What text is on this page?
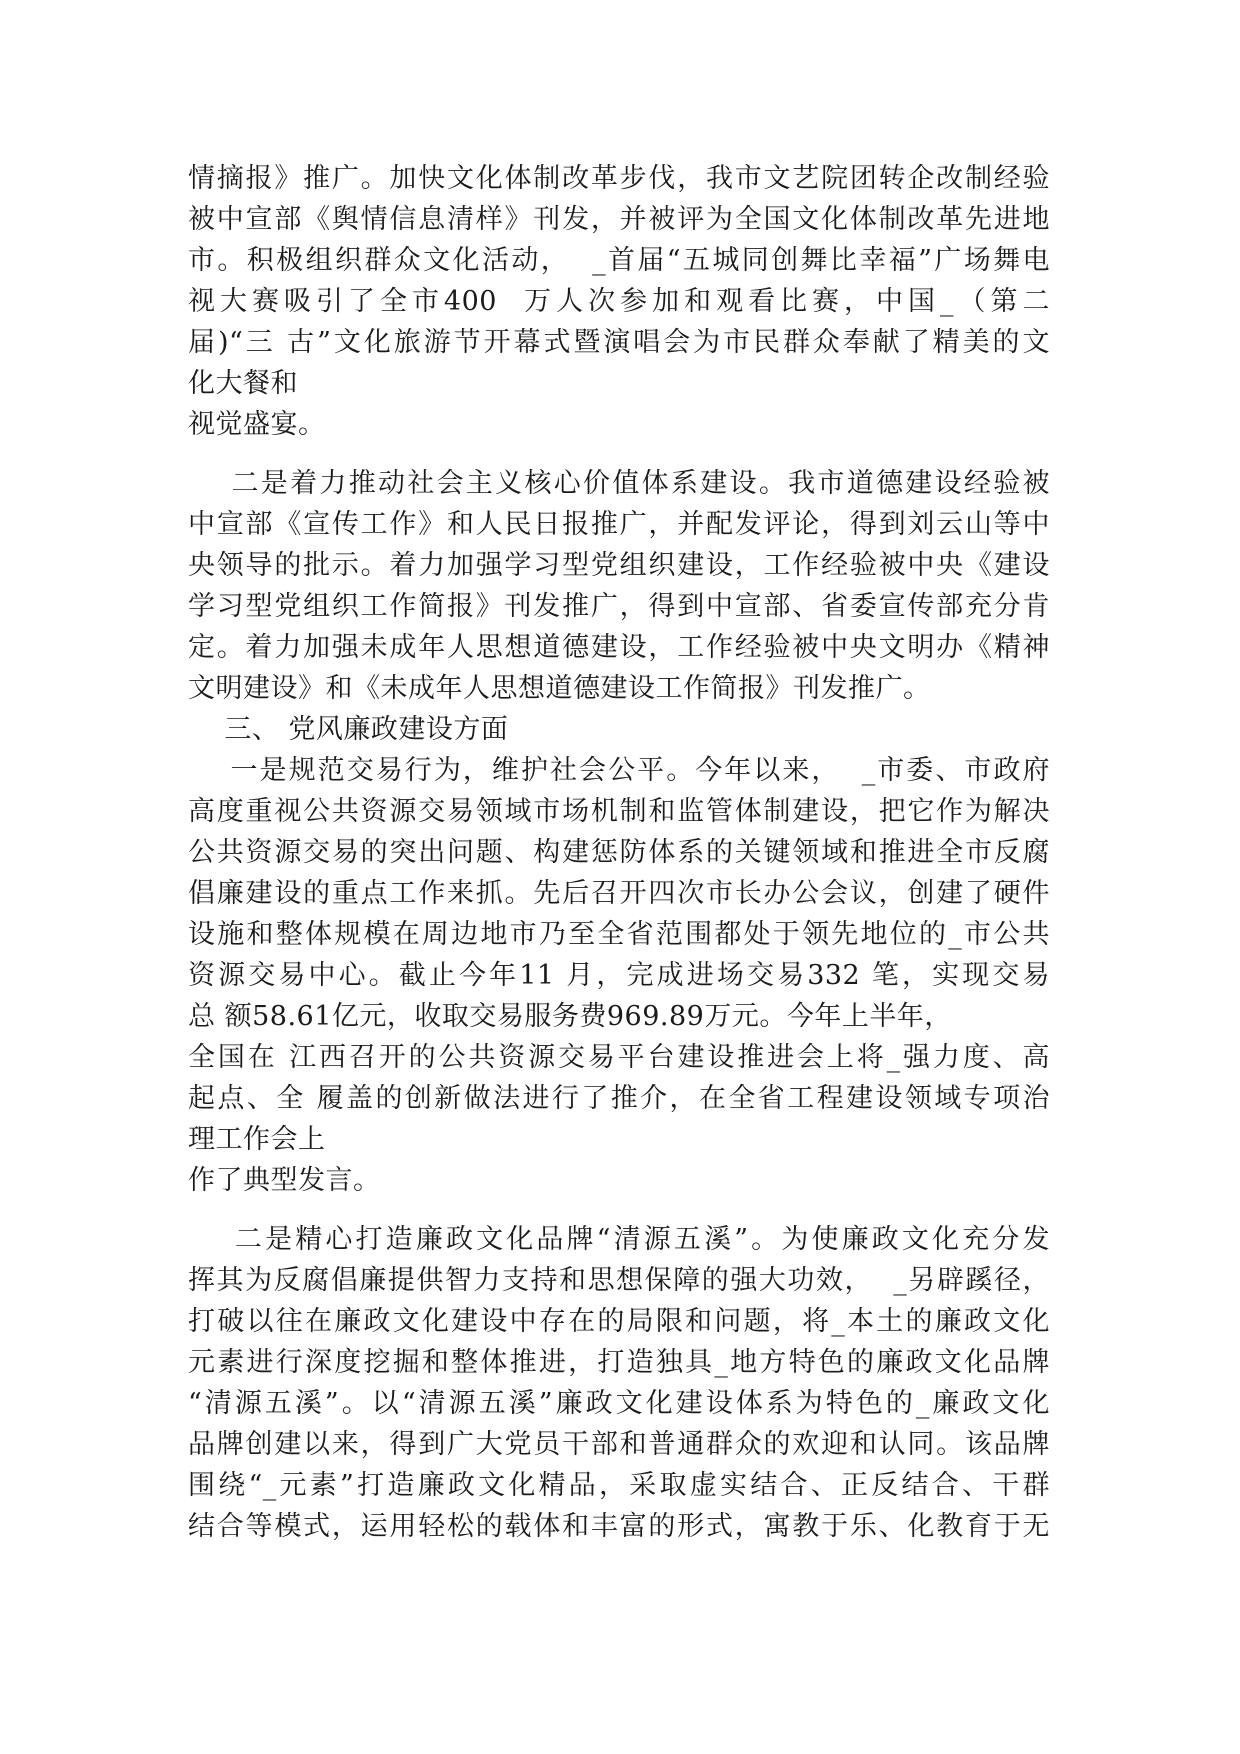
情摘报》推广。加快文化体制改革步伐，我市文艺院团转企改制经验
被中宣部《舆情信息清样》刊发，并被评为全国文化体制改革先进地
市。积极组织群众文化活动，  _首届“五城同创舞比幸福”广场舞电
视大赛吸引了全市400  万人次参加和观看比赛，中国_（第二
届)“三 古”文化旅游节开幕式暨演唱会为市民群众奉献了精美的文
化大餐和
视觉盛宴。
二是着力推动社会主义核心价值体系建设。我市道德建设经验被
中宣部《宣传工作》和人民日报推广，并配发评论，得到刘云山等中
央领导的批示。着力加强学习型党组织建设，工作经验被中央《建设
学习型党组织工作简报》刊发推广，得到中宣部、省委宣传部充分肯
定。着力加强未成年人思想道德建设，工作经验被中央文明办《精神
文明建设》和《未成年人思想道德建设工作简报》刊发推广。
三、 党风廉政建设方面
一是规范交易行为，维护社会公平。今年以来，  _市委、市政府
高度重视公共资源交易领域市场机制和监管体制建设，把它作为解决
公共资源交易的突出问题、构建惩防体系的关键领域和推进全市反腐
倡廉建设的重点工作来抓。先后召开四次市长办公会议，创建了硬件
设施和整体规模在周边地市乃至全省范围都处于领先地位的_市公共
资源交易中心。截止今年11 月，完成进场交易332 笔，实现交易
总 额58.61亿元，收取交易服务费969.89万元。今年上半年，
全国在 江西召开的公共资源交易平台建设推进会上将_强力度、高
起点、全 履盖的创新做法进行了推介，在全省工程建设领域专项治
理工作会上
作了典型发言。
二是精心打造廉政文化品牌“清源五溪”。为使廉政文化充分发
挥其为反腐倡廉提供智力支持和思想保障的强大功效，  _另辟蹊径，
打破以往在廉政文化建设中存在的局限和问题，将_本土的廉政文化
元素进行深度挖掘和整体推进，打造独具_地方特色的廉政文化品牌
“清源五溪”。以“清源五溪”廉政文化建设体系为特色的_廉政文化
品牌创建以来，得到广大党员干部和普通群众的欢迎和认同。该品牌
围绕“_元素”打造廉政文化精品，采取虚实结合、正反结合、干群
结合等模式，运用轻松的载体和丰富的形式，寓教于乐、化教育于无
